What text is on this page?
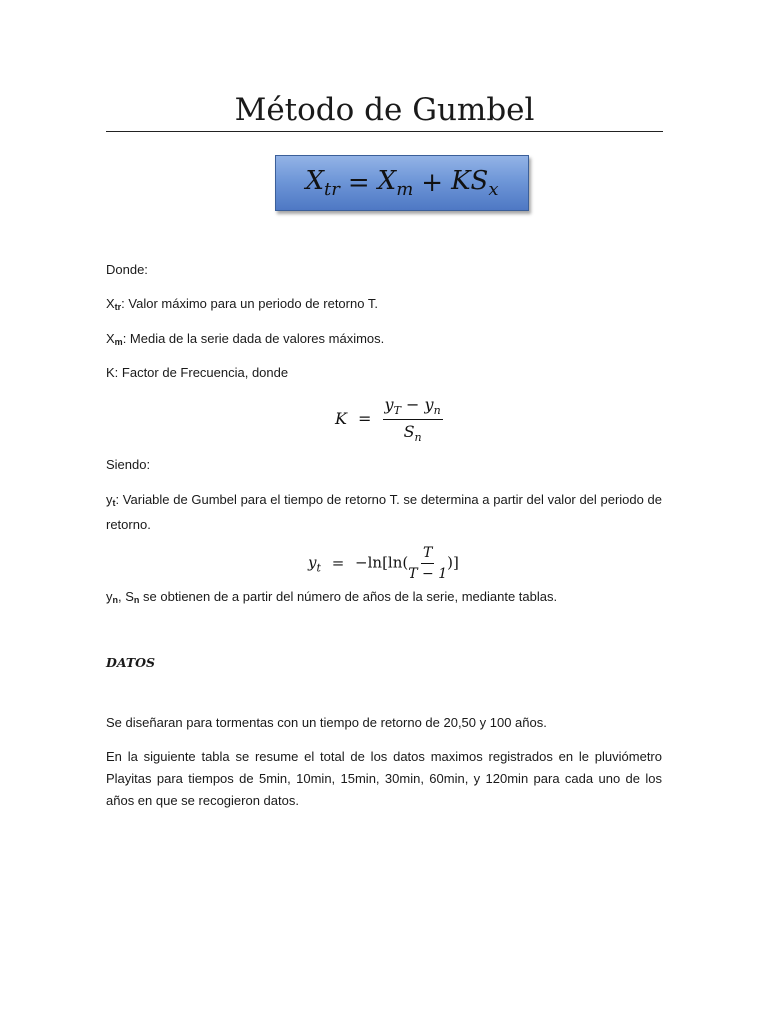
Método de Gumbel
$X_{tr} = X_m + KS_x$
Donde:
$X_{tr}$: Valor máximo para un periodo de retorno T.
$X_m$: Media de la serie dada de valores máximos.
K: Factor de Frecuencia, donde
$K = \frac{y_T - y_n}{S_n}$
Siendo:
$y_t$: Variable de Gumbel para el tiempo de retorno T. se determina a partir del valor del periodo de retorno.
$y_t = -\ln[\ln( \frac{T}{T - 1}$ )]
$y_n$, $S_n$ se obtienen de a partir del número de años de la serie, mediante tablas.
DATOS
Se diseñaran para tormentas con un tiempo de retorno de 20,50 y 100 años.
En la siguiente tabla se resume el total de los datos maximos registrados en le pluviómetro Playitas para tiempos de 5min, 10min, 15min, 30min, 60min, y 120min para cada uno de los años en que se recogieron datos.
